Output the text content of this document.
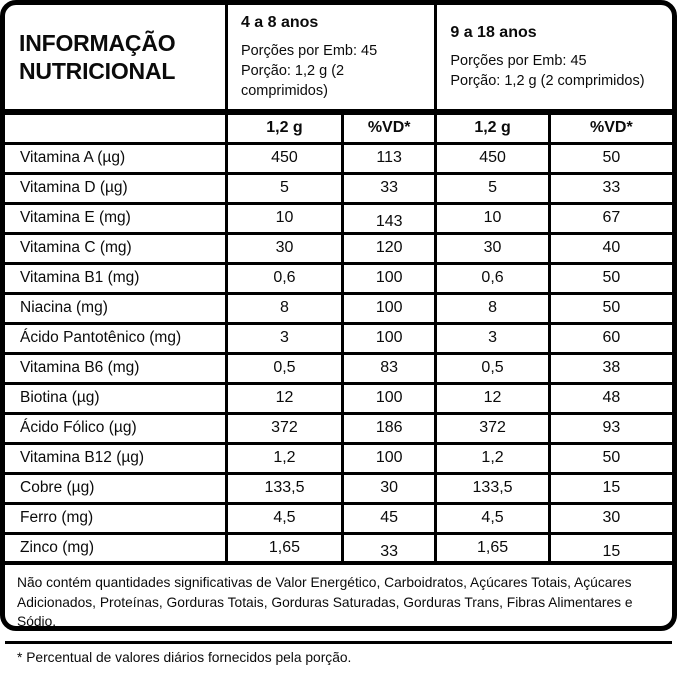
INFORMAÇÃO NUTRICIONAL

4 a 8 anos
Porções por Emb: 45
Porção: 1,2 g (2 comprimidos)

9 a 18 anos
Porções por Emb: 45
Porção: 1,2 g (2 comprimidos)

	1,2 g	%VD*	1,2 g	%VD*
Vitamina A (µg)	450	113	450	50
Vitamina D (µg)	5	33	5	33
Vitamina E (mg)	10	143	10	67
Vitamina C (mg)	30	120	30	40
Vitamina B1 (mg)	0,6	100	0,6	50
Niacina (mg)	8	100	8	50
Ácido Pantotênico (mg)	3	100	3	60
Vitamina B6 (mg)	0,5	83	0,5	38
Biotina (µg)	12	100	12	48
Ácido Fólico (µg)	372	186	372	93
Vitamina B12 (µg)	1,2	100	1,2	50
Cobre (µg)	133,5	30	133,5	15
Ferro (mg)	4,5	45	4,5	30
Zinco (mg)	1,65	33	1,65	15
Não contém quantidades significativas de Valor Energético, Carboidratos, Açúcares Totais, Açúcares Adicionados, Proteínas, Gorduras Totais, Gorduras Saturadas, Gorduras Trans, Fibras Alimentares e Sódio.				
* Percentual de valores diários fornecidos pela porção.				
